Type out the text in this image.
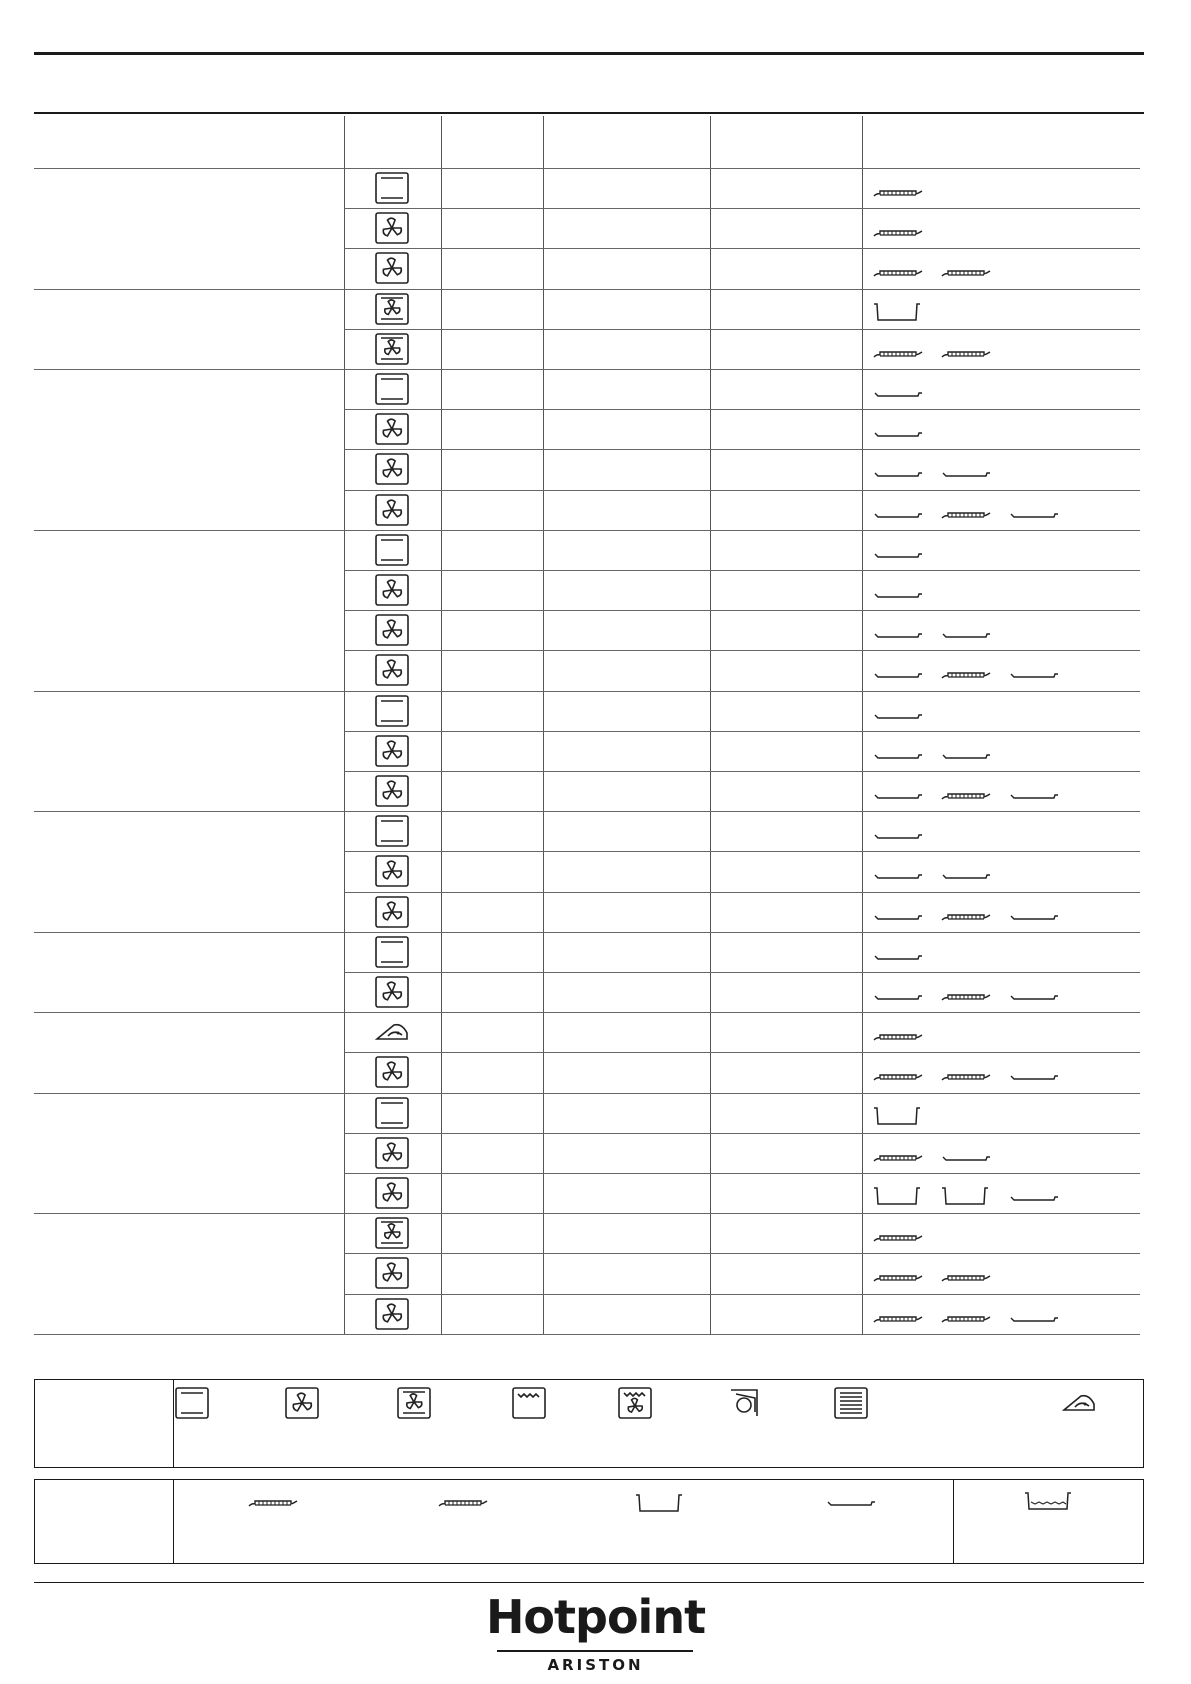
Hotpoint
ARISTON
